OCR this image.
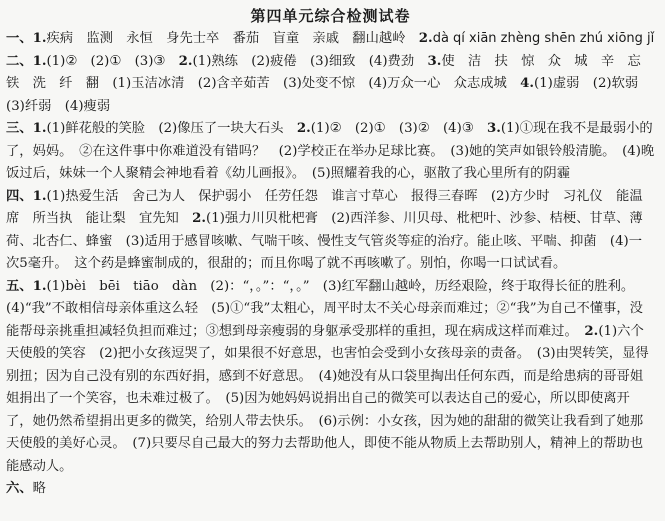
第四单元综合检测试卷

一、1.疾病　监测　永恒　身先士卒　番茄　盲童　亲戚　翻山越岭　2.dà qí xiān zhèng shēn zhú xiōng jǐ

二、1.(1)②　(2)①　(3)③　2.(1)熟练　(2)疲倦　(3)细致　(4)费劲　3.使　洁　扶　惊　众　城　辛　忘　铁　洗　纤　翻　(1)玉洁冰清　(2)含辛茹苦　(3)处变不惊　(4)万众一心　众志成城　4.(1)虚弱　(2)软弱　(3)纤弱　(4)瘦弱

三、1.(1)鲜花般的笑脸　(2)像压了一块大石头　2.(1)②　(2)①　(3)②　(4)③　3.(1)①现在我不是最弱小的了，妈妈。　②在这件事中你难道没有错吗？　(2)学校正在举办足球比赛。　(3)她的笑声如银铃般清脆。　(4)晚饭过后，妹妹一个人聚精会神地看着《幼儿画报》。　(5)照耀着我的心，驱散了我心里所有的阴霾

四、1.(1)热爱生活　舍己为人　保护弱小　任劳任怨　谁言寸草心　报得三春晖　(2)方少时　习礼仪　能温席　所当执　能让梨　宜先知　2.(1)强力川贝枇杷膏　(2)西洋参、川贝母、枇杷叶、沙参、桔梗、甘草、薄荷、北杏仁、蜂蜜　(3)适用于感冒咳嗽、气喘干咳、慢性支气管炎等症的治疗。能止咳、平喘、抑菌　(4)一次5毫升。　这个药是蜂蜜制成的，很甜的；而且你喝了就不再咳嗽了。别怕，你喝一口试试看。

五、1.(1)bèi　bēi　tiāo　dàn　(2)：“，。”：“，。”　(3)红军翻山越岭，历经艰险，终于取得长征的胜利。　(4)“我”不敢相信母亲体重这么轻　(5)①“我”太粗心，周平时太不关心母亲而难过；②“我”为自己不懂事，没能帮母亲挑重担减轻负担而难过；③想到母亲瘦弱的身躯承受那样的重担，现在病成这样而难过。　2.(1)六个天使般的笑容　(2)把小女孩逗哭了，如果很不好意思，也害怕会受到小女孩母亲的责备。　(3)由哭转笑，显得别扭；因为自己没有别的东西好捐，感到不好意思。　(4)她没有从口袋里掏出任何东西，而是给患病的哥哥姐姐捐出了一个笑容，也未难过极了。　(5)因为她妈妈说捐出自己的微笑可以表达自己的爱心，所以即使离开了，她仍然希望捐出更多的微笑，给别人带去快乐。　(6)示例：小女孩，因为她的甜甜的微笑让我看到了她那天使般的美好心灵。　(7)只要尽自己最大的努力去帮助他人，即使不能从物质上去帮助别人，精神上的帮助也能感动人。

六、略
